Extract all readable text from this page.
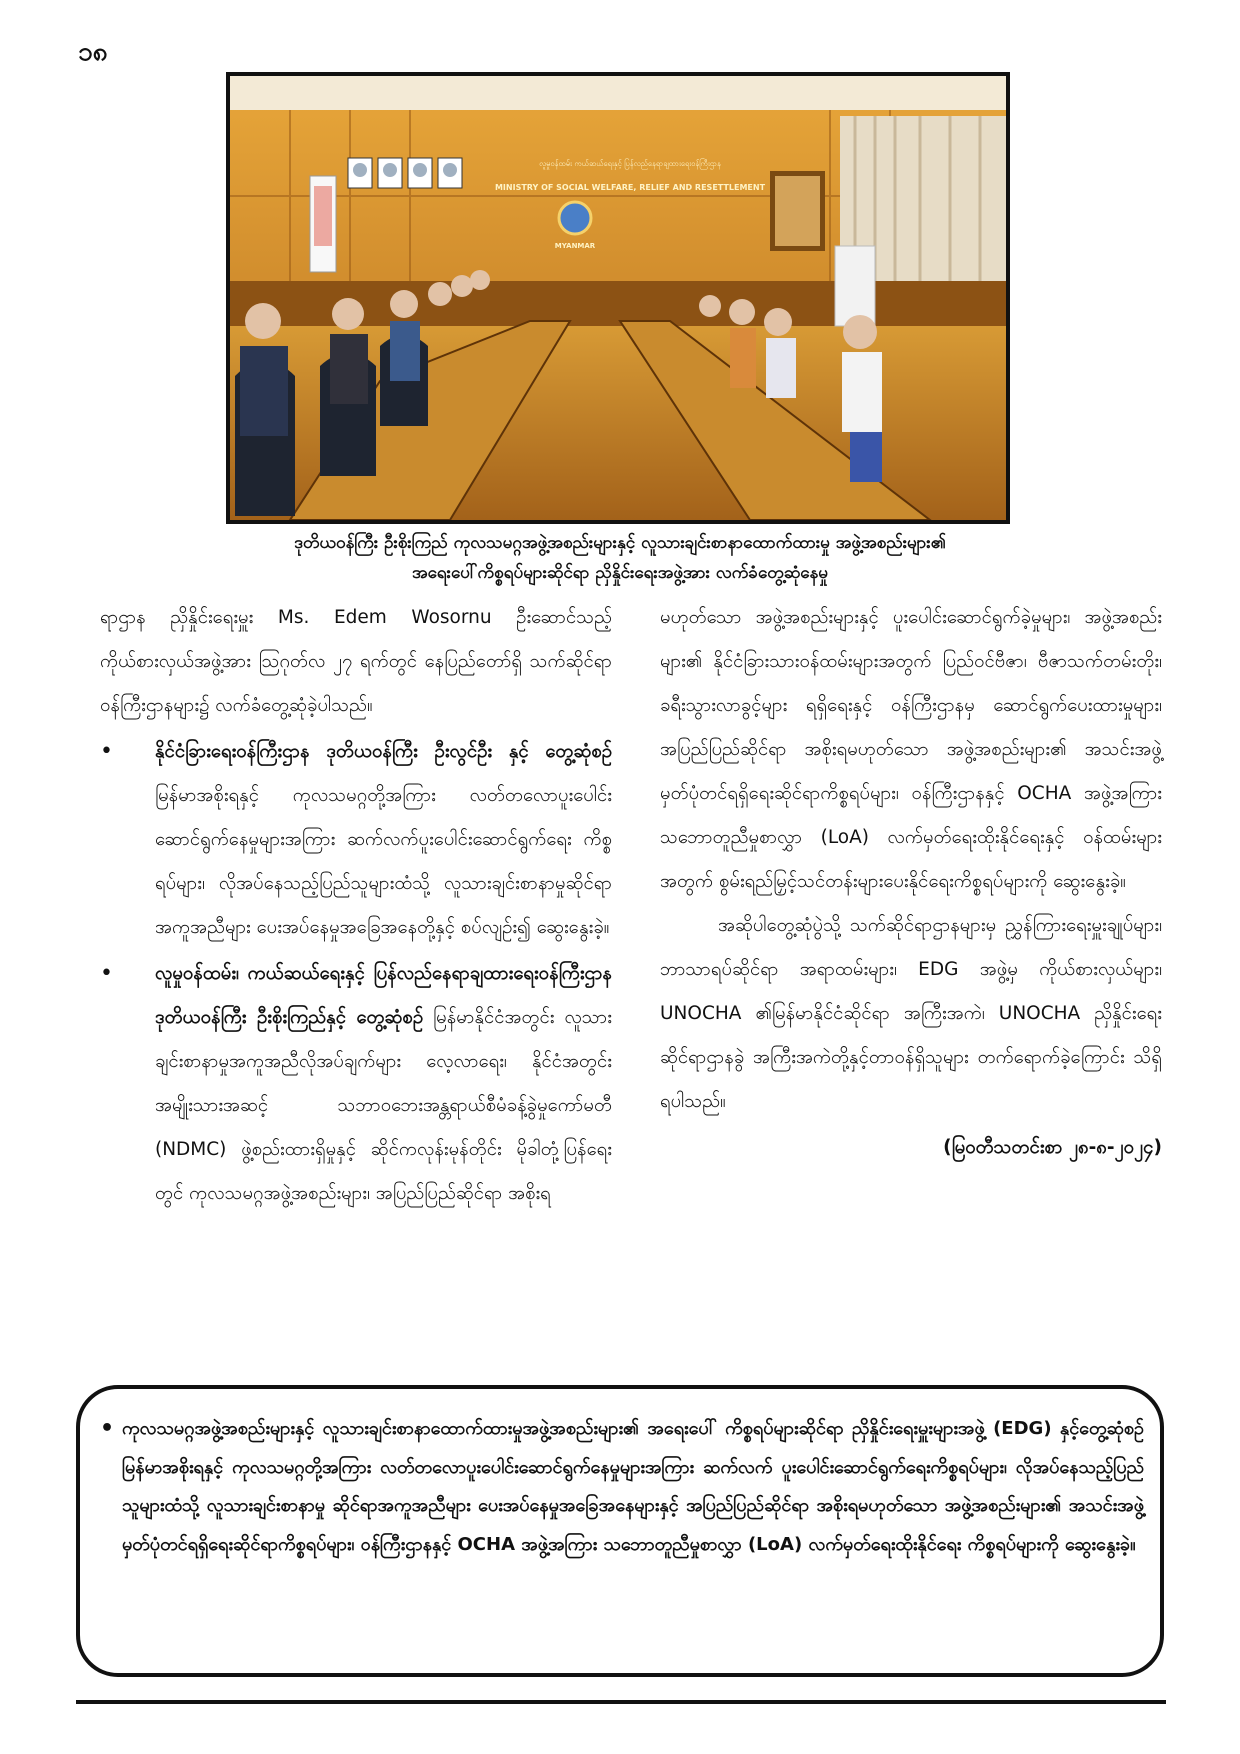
၁၈
လူမှုဝန်ထမ်း ကယ်ဆယ်ရေးနှင့် ပြန်လည်နေရာချထားရေးဝန်ကြီးဌာန
MINISTRY OF SOCIAL WELFARE, RELIEF AND RESETTLEMENT
MYANMAR
ဒုတိယဝန်ကြီး ဦးစိုးကြည် ကုလသမဂ္ဂအဖွဲ့အစည်းများနှင့် လူသားချင်းစာနာထောက်ထားမှု အဖွဲ့အစည်းများ၏
အရေးပေါ်ကိစ္စရပ်များဆိုင်ရာ ညှိနှိုင်းရေးအဖွဲ့အား လက်ခံတွေ့ဆုံနေမှု

ရာဌာန ညှိနှိုင်းရေးမှူး Ms. Edem Wosornu ဦးဆောင်သည့် ကိုယ်စားလှယ်အဖွဲ့အား ဩဂုတ်လ ၂၇ ရက်တွင် နေပြည်တော်ရှိ သက်ဆိုင်ရာဝန်ကြီးဌာနများ၌ လက်ခံတွေ့ဆုံခဲ့ပါသည်။

• နိုင်ငံခြားရေးဝန်ကြီးဌာန ဒုတိယဝန်ကြီး ဦးလွင်ဦး နှင့် တွေ့ဆုံစဉ် မြန်မာအစိုးရနှင့် ကုလသမဂ္ဂတို့အကြား လတ်တလောပူးပေါင်းဆောင်ရွက်နေမှုများအကြား ဆက်လက်ပူးပေါင်းဆောင်ရွက်ရေး ကိစ္စရပ်များ၊ လိုအပ်နေသည့်ပြည်သူများထံသို့ လူသားချင်းစာနာမှုဆိုင်ရာအကူအညီများ ပေးအပ်နေမှုအခြေအနေတို့နှင့် စပ်လျဉ်း၍ ဆွေးနွေးခဲ့။

• လူမှုဝန်ထမ်း၊ ကယ်ဆယ်ရေးနှင့် ပြန်လည်နေရာချထားရေးဝန်ကြီးဌာန ဒုတိယဝန်ကြီး ဦးစိုးကြည်နှင့် တွေ့ဆုံစဉ် မြန်မာနိုင်ငံအတွင်း လူသားချင်းစာနာမှုအကူအညီလိုအပ်ချက်များ လေ့လာရေး၊ နိုင်ငံအတွင်း အမျိုးသားအဆင့် သဘာဝဘေးအန္တရာယ်စီမံခန့်ခွဲမှုကော်မတီ (NDMC) ဖွဲ့စည်းထားရှိမှုနှင့် ဆိုင်ကလုန်းမုန်တိုင်း မိုခါတုံ့ပြန်ရေးတွင် ကုလသမဂ္ဂအဖွဲ့အစည်းများ၊ အပြည်ပြည်ဆိုင်ရာ အစိုးရ

မဟုတ်သော အဖွဲ့အစည်းများနှင့် ပူးပေါင်းဆောင်ရွက်ခဲ့မှုများ၊ အဖွဲ့အစည်းများ၏ နိုင်ငံခြားသားဝန်ထမ်းများအတွက် ပြည်ဝင်ဗီဇာ၊ ဗီဇာသက်တမ်းတိုး၊ ခရီးသွားလာခွင့်များ ရရှိရေးနှင့် ဝန်ကြီးဌာနမှ ဆောင်ရွက်ပေးထားမှုများ၊ အပြည်ပြည်ဆိုင်ရာ အစိုးရမဟုတ်သော အဖွဲ့အစည်းများ၏ အသင်းအဖွဲ့မှတ်ပုံတင်ရရှိရေးဆိုင်ရာကိစ္စရပ်များ၊ ဝန်ကြီးဌာနနှင့် OCHA အဖွဲ့အကြား သဘောတူညီမှုစာလွှာ (LoA) လက်မှတ်ရေးထိုးနိုင်ရေးနှင့် ဝန်ထမ်းများအတွက် စွမ်းရည်မြှင့်သင်တန်းများပေးနိုင်ရေးကိစ္စရပ်များကို ဆွေးနွေးခဲ့။

အဆိုပါတွေ့ဆုံပွဲသို့ သက်ဆိုင်ရာဌာနများမှ ညွှန်ကြားရေးမှူးချုပ်များ၊ ဘာသာရပ်ဆိုင်ရာ အရာထမ်းများ၊ EDG အဖွဲ့မှ ကိုယ်စားလှယ်များ၊ UNOCHA ၏မြန်မာနိုင်ငံဆိုင်ရာ အကြီးအကဲ၊ UNOCHA ညှိနှိုင်းရေးဆိုင်ရာဌာနခွဲ အကြီးအကဲတို့နှင့်တာဝန်ရှိသူများ တက်ရောက်ခဲ့ကြောင်း သိရှိရပါသည်။

(မြဝတီသတင်းစာ ၂၈-၈-၂၀၂၄)

• ကုလသမဂ္ဂအဖွဲ့အစည်းများနှင့် လူသားချင်းစာနာထောက်ထားမှုအဖွဲ့အစည်းများ၏ အရေးပေါ် ကိစ္စရပ်များဆိုင်ရာ ညှိနှိုင်းရေးမှူးများအဖွဲ့ (EDG) နှင့်တွေ့ဆုံစဉ် မြန်မာအစိုးရနှင့် ကုလသမဂ္ဂတို့အကြား လတ်တလောပူးပေါင်းဆောင်ရွက်နေမှုများအကြား ဆက်လက် ပူးပေါင်းဆောင်ရွက်ရေးကိစ္စရပ်များ၊ လိုအပ်နေသည့်ပြည်သူများထံသို့ လူသားချင်းစာနာမှု ဆိုင်ရာအကူအညီများ ပေးအပ်နေမှုအခြေအနေများနှင့် အပြည်ပြည်ဆိုင်ရာ အစိုးရမဟုတ်သော အဖွဲ့အစည်းများ၏ အသင်းအဖွဲ့မှတ်ပုံတင်ရရှိရေးဆိုင်ရာကိစ္စရပ်များ၊ ဝန်ကြီးဌာနနှင့် OCHA အဖွဲ့အကြား သဘောတူညီမှုစာလွှာ (LoA) လက်မှတ်ရေးထိုးနိုင်ရေး ကိစ္စရပ်များကို ဆွေးနွေးခဲ့။
